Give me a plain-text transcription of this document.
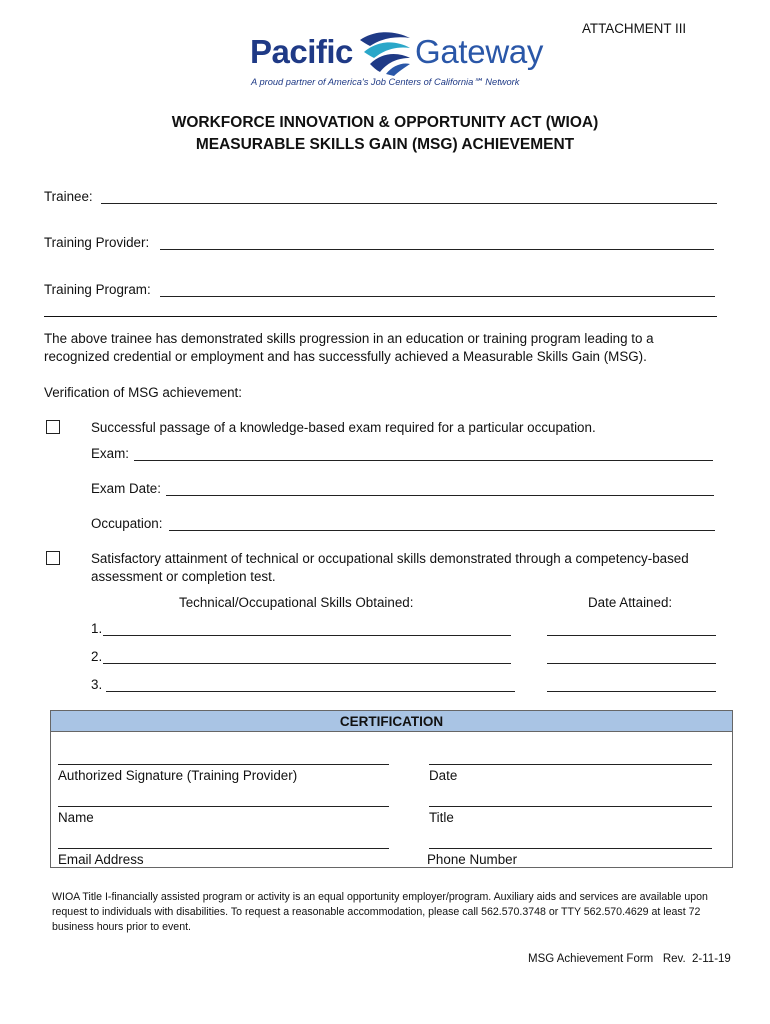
ATTACHMENT III
Pacific Gateway
A proud partner of America's Job Centers of California℠ Network
WORKFORCE INNOVATION & OPPORTUNITY ACT (WIOA)
MEASURABLE SKILLS GAIN (MSG) ACHIEVEMENT
Trainee:
Training Provider:
Training Program:
The above trainee has demonstrated skills progression in an education or training program leading to a
recognized credential or employment and has successfully achieved a Measurable Skills Gain (MSG).
Verification of MSG achievement:
Successful passage of a knowledge-based exam required for a particular occupation.
Exam:
Exam Date:
Occupation:
Satisfactory attainment of technical or occupational skills demonstrated through a competency-based
assessment or completion test.
Technical/Occupational Skills Obtained:	Date Attained:
1.
2.
3.
CERTIFICATION
Authorized Signature (Training Provider)	Date
Name	Title
Email Address	Phone Number
WIOA Title I-financially assisted program or activity is an equal opportunity employer/program. Auxiliary aids and services are available upon request to individuals with disabilities. To request a reasonable accommodation, please call 562.570.3748 or TTY 562.570.4629 at least 72 business hours prior to event.
MSG Achievement Form   Rev.  2-11-19
